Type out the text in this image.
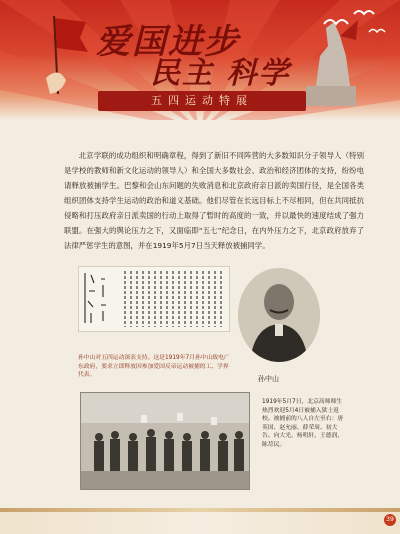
爱国进步
民主 科学
五四运动特展
北京学联的成功组织和明确章程，得到了新旧不同阵营的大多数知识分子领导人（特别是学校的教师和新文化运动的领导人）和全国大多数社会、政治和经济团体的支持，纷纷电请释放被捕学生。巴黎和会山东问题的失败消息和北京政府亲日派的卖国行径，是全国各类组织团体支持学生运动的政治和道义基础。他们尽管在长远目标上不尽相同，但在共同抵抗侵略和打压政府亲日派卖国的行动上取得了暂时的高度的一致，并以最快的速度结成了强力联盟。在强大的舆论压力之下，又面临即“五七”纪念日，在内外压力之下，北京政府放弃了法律严惩学生的意图，并在1919年5月7日当天释放被捕同学。
孙中山
孙中山对五四运动深表支持。这是1919年7月孙中山致电广东政府，要求立即释放因参加爱国反帝运动被捕的工、学界代表。
1919年5月7日，北京高师师生热烈欢迎5月4日被捕入狱士返校。被捕前的八人自左至右：唐英国、赵允丽、薛荣周、初大告、向大光、杨明轩、王德润、陈荩民。
39
